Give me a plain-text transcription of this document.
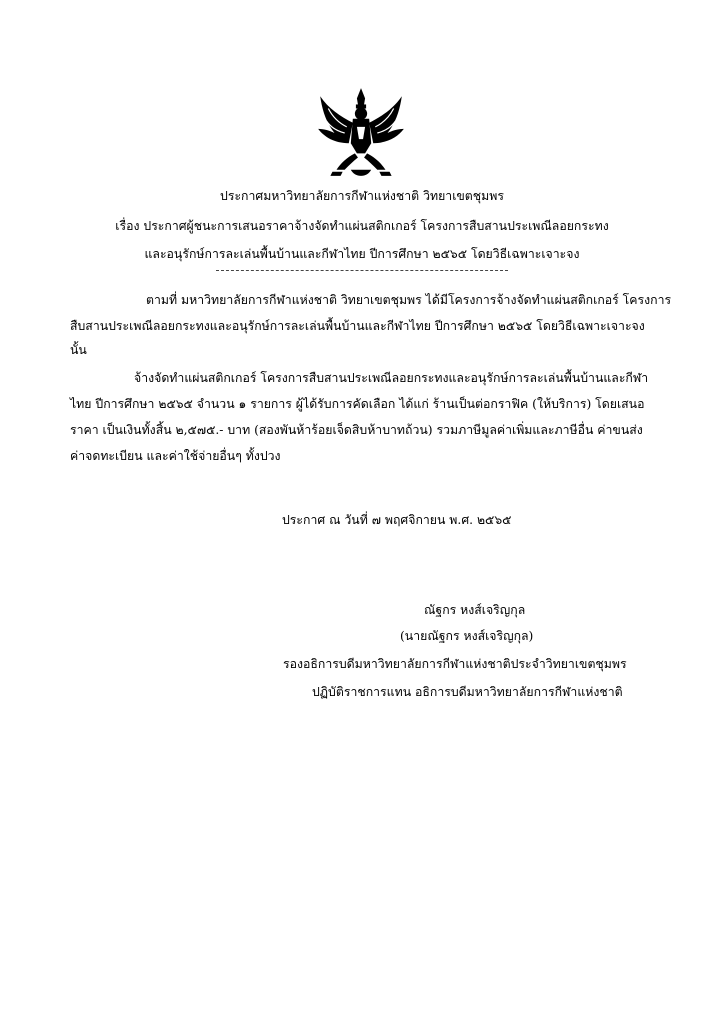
ประกาศมหาวิทยาลัยการกีฬาแห่งชาติ วิทยาเขตชุมพร
เรื่อง ประกาศผู้ชนะการเสนอราคาจ้างจัดทำแผ่นสติกเกอร์ โครงการสืบสานประเพณีลอยกระทง
และอนุรักษ์การละเล่นพื้นบ้านและกีฬาไทย ปีการศึกษา ๒๕๖๕ โดยวิธีเฉพาะเจาะจง
ตามที่ มหาวิทยาลัยการกีฬาแห่งชาติ วิทยาเขตชุมพร ได้มีโครงการจ้างจัดทำแผ่นสติกเกอร์ โครงการ
สืบสานประเพณีลอยกระทงและอนุรักษ์การละเล่นพื้นบ้านและกีฬาไทย ปีการศึกษา ๒๕๖๕ โดยวิธีเฉพาะเจาะจง
นั้น
จ้างจัดทำแผ่นสติกเกอร์ โครงการสืบสานประเพณีลอยกระทงและอนุรักษ์การละเล่นพื้นบ้านและกีฬา
ไทย ปีการศึกษา ๒๕๖๕ จำนวน ๑ รายการ ผู้ได้รับการคัดเลือก ได้แก่ ร้านเป็นต่อกราฟิค (ให้บริการ) โดยเสนอ
ราคา เป็นเงินทั้งสิ้น ๒,๕๗๕.- บาท (สองพันห้าร้อยเจ็ดสิบห้าบาทถ้วน) รวมภาษีมูลค่าเพิ่มและภาษีอื่น ค่าขนส่ง
ค่าจดทะเบียน และค่าใช้จ่ายอื่นๆ ทั้งปวง
ประกาศ ณ วันที่ ๗ พฤศจิกายน พ.ศ. ๒๕๖๕
ณัฐกร หงส์เจริญกุล
(นายณัฐกร หงส์เจริญกุล)
รองอธิการบดีมหาวิทยาลัยการกีฬาแห่งชาติประจำวิทยาเขตชุมพร
ปฏิบัติราชการแทน อธิการบดีมหาวิทยาลัยการกีฬาแห่งชาติ
